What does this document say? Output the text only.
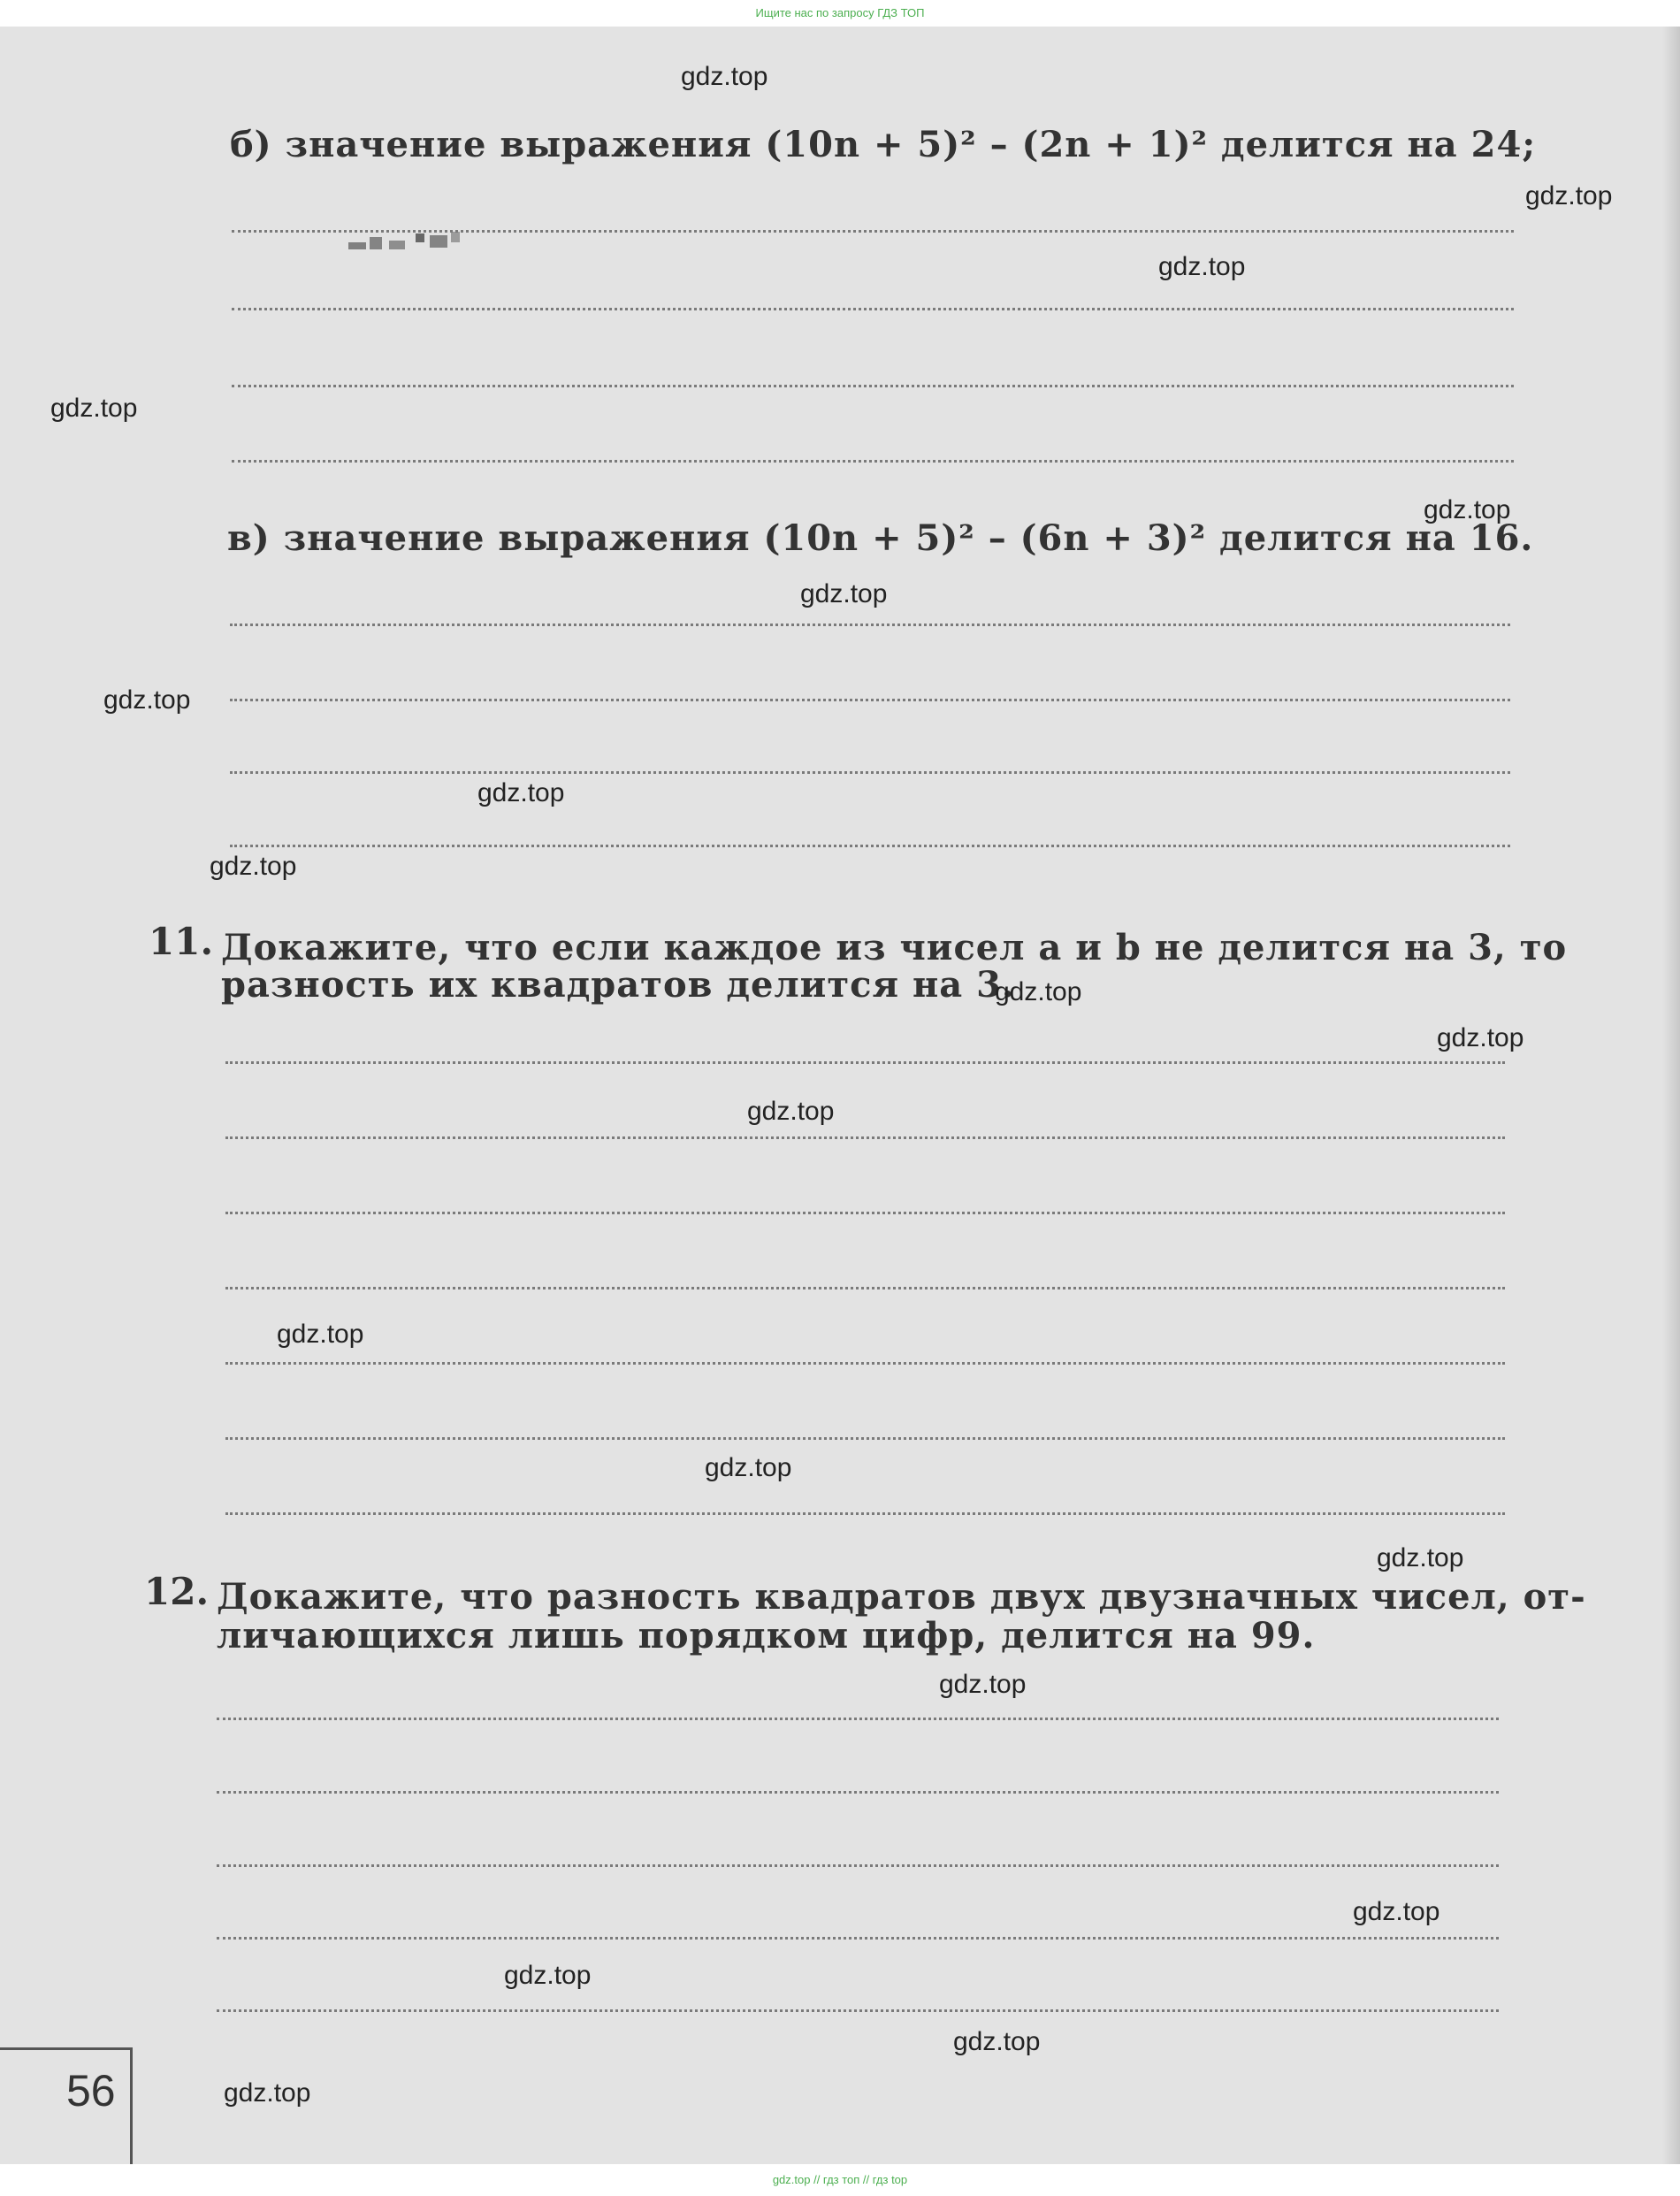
Ищите нас по запросу ГДЗ ТОП
б) значение выражения (10n + 5)² – (2n + 1)² делится на 24;
в) значение выражения (10n + 5)² – (6n + 3)² делится на 16.
11. Докажите, что если каждое из чисел a и b не делится на 3, то
разность их квадратов делится на 3.
12. Докажите, что разность квадратов двух двузначных чисел, от-
личающихся лишь порядком цифр, делится на 99.
56
gdz.top
gdz.top
gdz.top
gdz.top
gdz.top
gdz.top
gdz.top
gdz.top
gdz.top
gdz.top
gdz.top
gdz.top
gdz.top
gdz.top
gdz.top
gdz.top
gdz.top
gdz.top
gdz.top
gdz.top
gdz.top // гдз топ // гдз top
